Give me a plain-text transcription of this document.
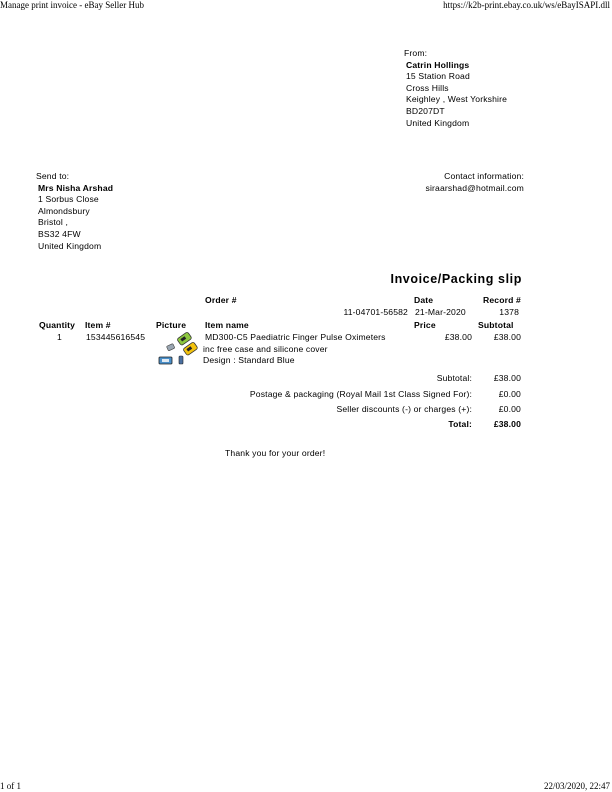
Manage print invoice - eBay Seller Hub	https://k2b-print.ebay.co.uk/ws/eBayISAPI.dll
From:
Catrin Hollings
15 Station Road
Cross Hills
Keighley , West Yorkshire
BD207DT
United Kingdom
Send to:
Mrs Nisha Arshad
1 Sorbus Close
Almondsbury
Bristol ,
BS32 4FW
United Kingdom
Contact information:
siraarshad@hotmail.com
Invoice/Packing slip
Order #	Date	Record #
11-04701-56582 21-Mar-2020	1378
Quantity Item #	Picture Item name	Price	Subtotal
1	153445616545	MD300-C5 Paediatric Finger Pulse Oximeters
inc free case and silicone cover
Design : Standard Blue
£38.00	£38.00
Subtotal:	£38.00
Postage & packaging (Royal Mail 1st Class Signed For):	£0.00
Seller discounts (-) or charges (+):	£0.00
Total:	£38.00
Thank you for your order!
1 of 1	22/03/2020, 22:47
